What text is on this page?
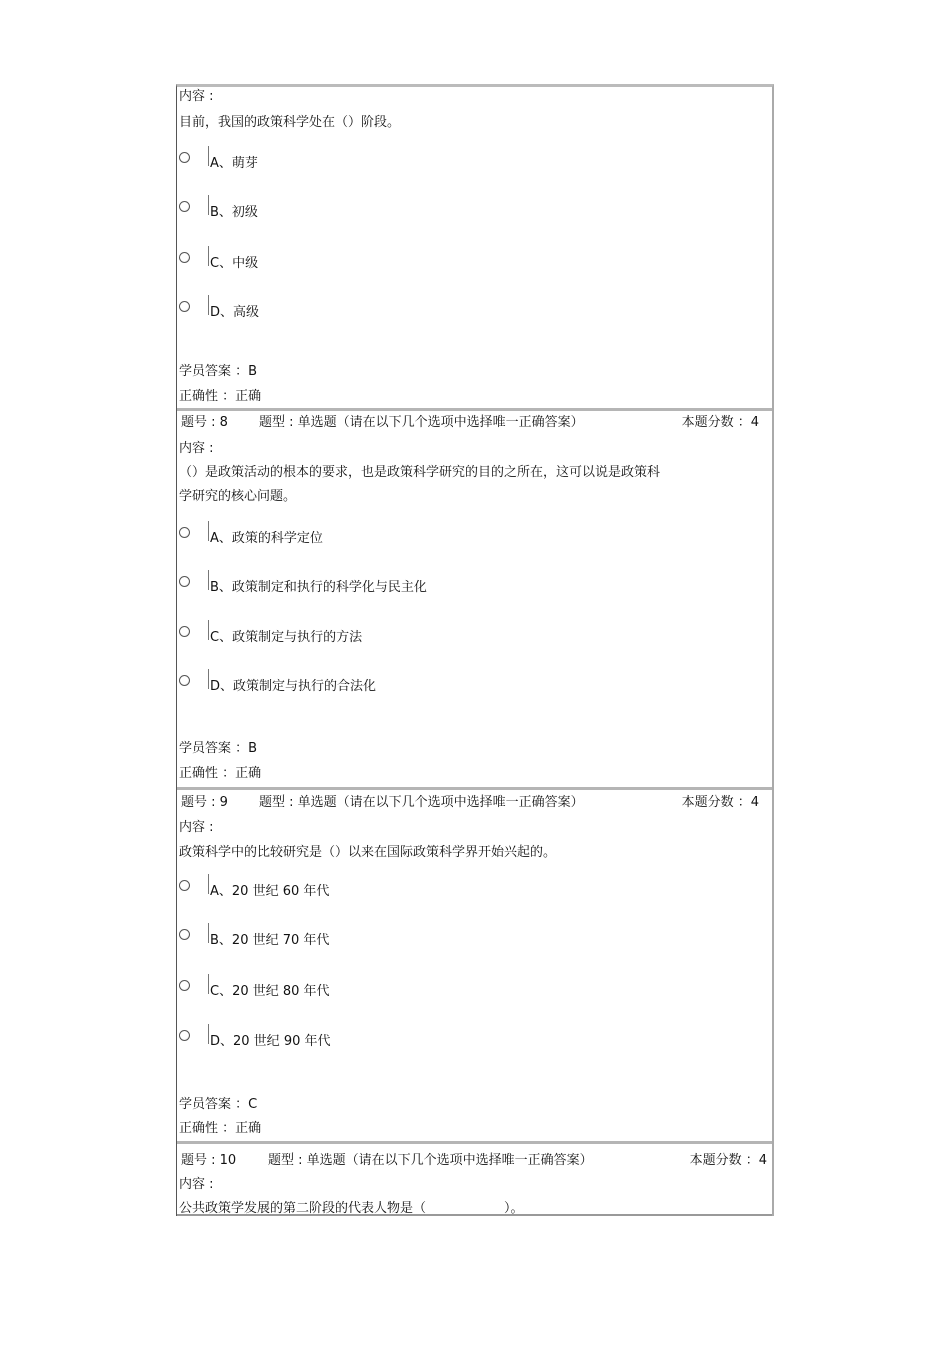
内容 :
目前，我国的政策科学处在（）阶段。
A、萌芽
B、初级
C、中级
D、高级
学员答案 ：B
正确性 ：正确
题号 : 8 题型 : 单选题（请在以下几个选项中选择唯一正确答案）	本题分数 ：4
内容 :
（）是政策活动的根本的要求，也是政策科学研究的目的之所在，这可以说是政策科
学研究的核心问题。
A、政策的科学定位
B、政策制定和执行的科学化与民主化
C、政策制定与执行的方法
D、政策制定与执行的合法化
学员答案 ：B
正确性 ：正确
题号 : 9 题型 : 单选题（请在以下几个选项中选择唯一正确答案）	本题分数 ：4
内容 :
政策科学中的比较研究是（）以来在国际政策科学界开始兴起的。
A、20 世纪 60 年代
B、20 世纪 70 年代
C、20 世纪 80 年代
D、20 世纪 90 年代
学员答案 ：C
正确性 ：正确
题号 : 10 题型 : 单选题（请在以下几个选项中选择唯一正确答案）	本题分数 ：4
内容 :
公共政策学发展的第二阶段的代表人物是（　　　　　　）。
